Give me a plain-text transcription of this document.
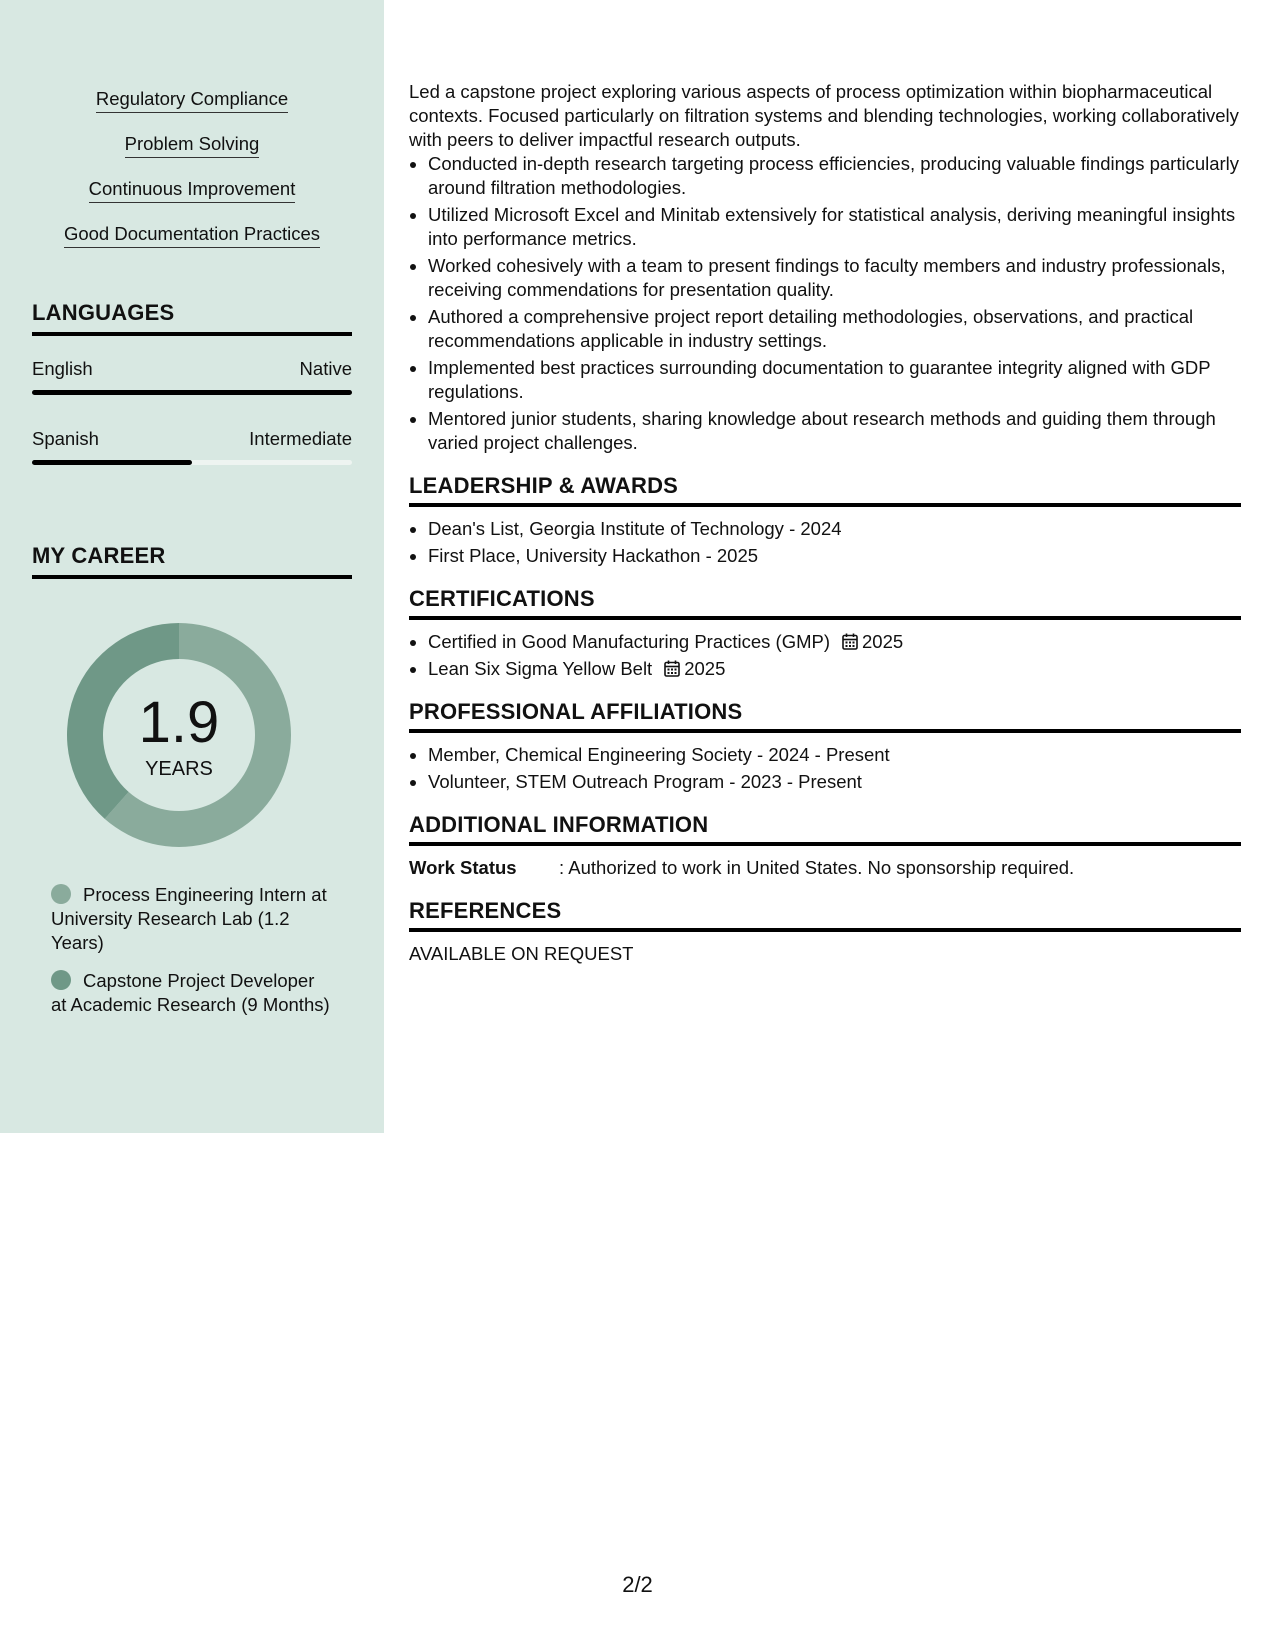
Regulatory Compliance
Problem Solving
Continuous Improvement
Good Documentation Practices
LANGUAGES
English	Native
Spanish	Intermediate
MY CAREER
1.9
YEARS
Process Engineering Intern at University Research Lab (1.2 Years)
Capstone Project Developer at Academic Research (9 Months)

Led a capstone project exploring various aspects of process optimization within biopharmaceutical contexts. Focused particularly on filtration systems and blending technologies, working collaboratively with peers to deliver impactful research outputs.

• Conducted in-depth research targeting process efficiencies, producing valuable findings particularly around filtration methodologies.
• Utilized Microsoft Excel and Minitab extensively for statistical analysis, deriving meaningful insights into performance metrics.
• Worked cohesively with a team to present findings to faculty members and industry professionals, receiving commendations for presentation quality.
• Authored a comprehensive project report detailing methodologies, observations, and practical recommendations applicable in industry settings.
• Implemented best practices surrounding documentation to guarantee integrity aligned with GDP regulations.
• Mentored junior students, sharing knowledge about research methods and guiding them through varied project challenges.
LEADERSHIP & AWARDS
• Dean's List, Georgia Institute of Technology - 2024
• First Place, University Hackathon - 2025
CERTIFICATIONS
• Certified in Good Manufacturing Practices (GMP) 2025
• Lean Six Sigma Yellow Belt 2025
PROFESSIONAL AFFILIATIONS
• Member, Chemical Engineering Society - 2024 - Present
• Volunteer, STEM Outreach Program - 2023 - Present
ADDITIONAL INFORMATION
Work Status	: Authorized to work in United States. No sponsorship required.
REFERENCES
AVAILABLE ON REQUEST
2/2
